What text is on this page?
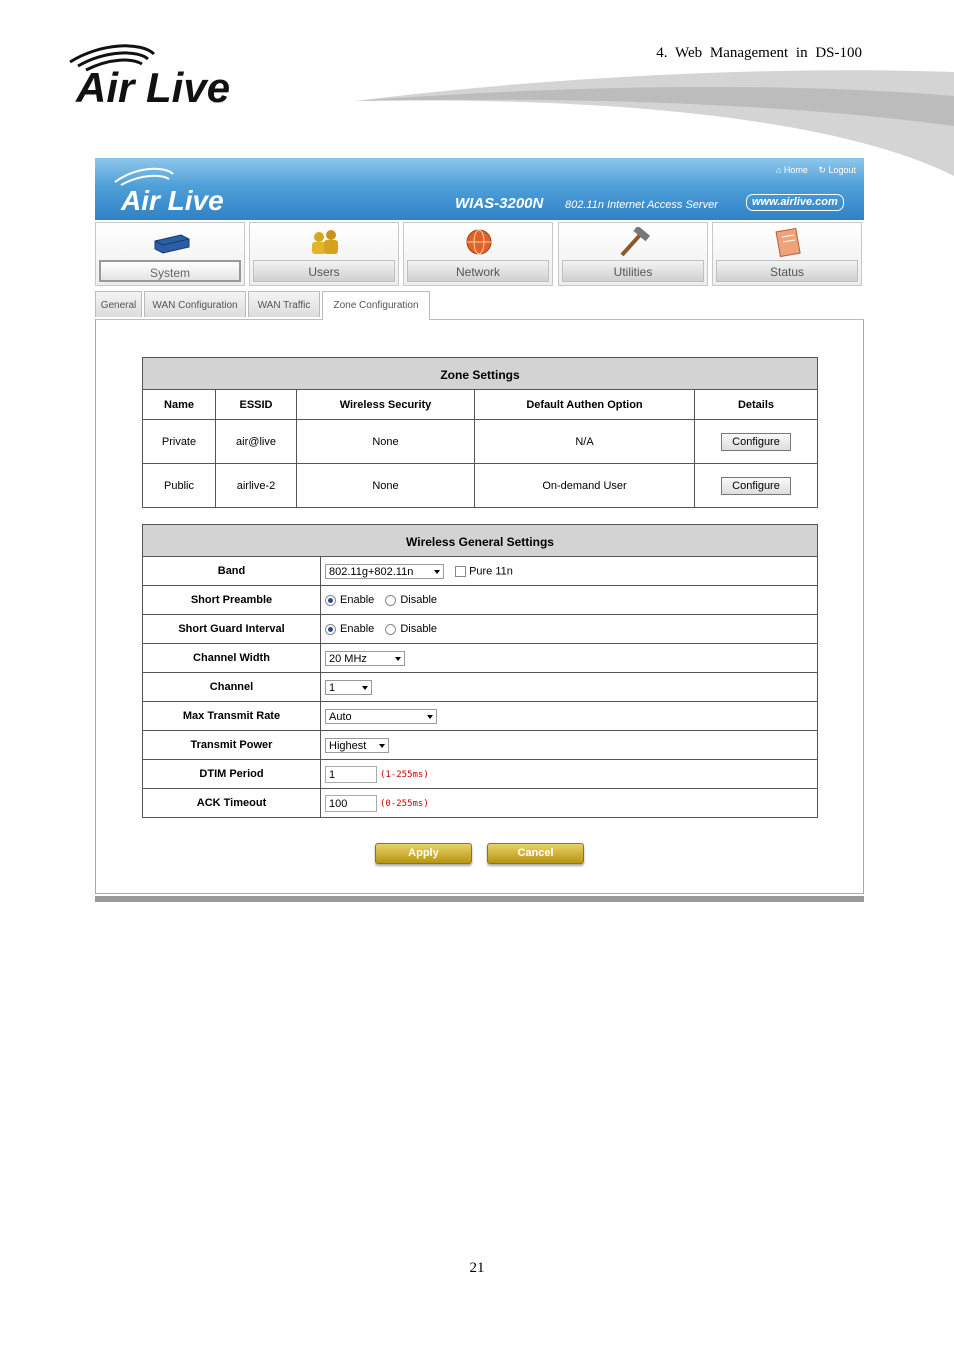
Air Live
4. Web Management in DS-100
Air Live
⌂ Home ↻ Logout
WIAS-3200N 802.11n Internet Access Server	www.airlive.com
System	Users	Network	Utilities	Status
General	WAN Configuration	WAN Traffic	Zone Configuration
Zone Settings				
Name	ESSID	Wireless Security	Default Authen Option	Details
Private	air@live	None	N/A	Configure
Public	airlive-2	None	On-demand User	Configure
Wireless General Settings	
Band	802.11g+802.11n Pure 11n
Short Preamble	Enable Disable
Short Guard Interval	Enable Disable
Channel Width	20 MHz

Channel	1

Max Transmit Rate	Auto

Transmit Power	Highest

DTIM Period	1 (1-255ms)
ACK Timeout	100 (0-255ms)
Apply	Cancel
21
